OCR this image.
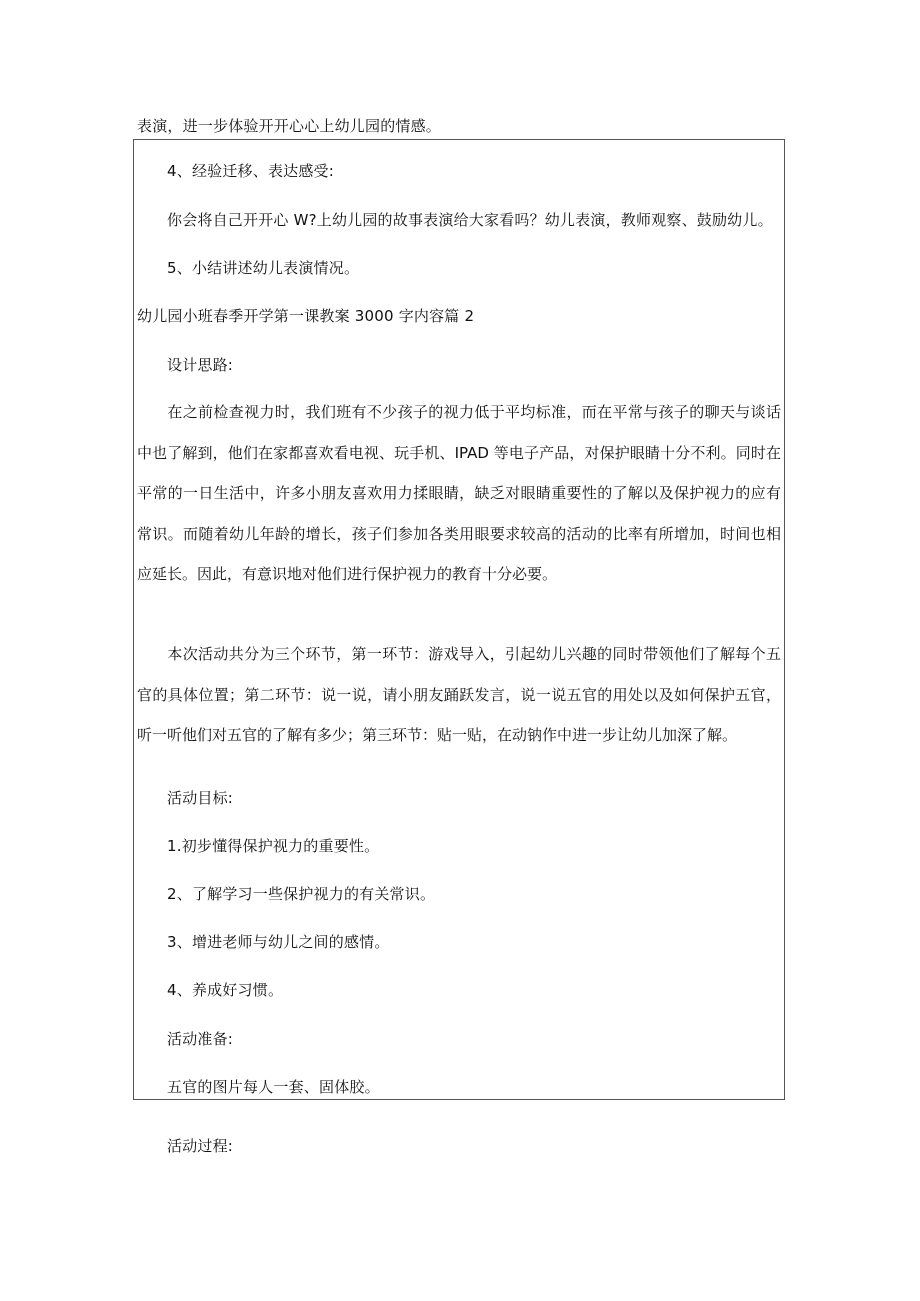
表演，进一步体验开开心心上幼儿园的情感。
4、经验迁移、表达感受:
你会将自己开开心 W?上幼儿园的故事表演给大家看吗？幼儿表演，教师观察、鼓励幼儿。
5、小结讲述幼儿表演情况。
幼儿园小班春季开学第一课教案 3000 字内容篇 2
设计思路:

在之前检查视力时，我们班有不少孩子的视力低于平均标准，而在平常与孩子的聊天与谈话中也了解到，他们在家都喜欢看电视、玩手机、IPAD 等电子产品，对保护眼睛十分不利。同时在平常的一日生活中，许多小朋友喜欢用力揉眼睛，缺乏对眼睛重要性的了解以及保护视力的应有常识。而随着幼儿年龄的增长，孩子们参加各类用眼要求较高的活动的比率有所增加，时间也相应延长。因此，有意识地对他们进行保护视力的教育十分必要。

本次活动共分为三个环节，第一环节：游戏导入，引起幼儿兴趣的同时带领他们了解每个五官的具体位置；第二环节：说一说，请小朋友踊跃发言，说一说五官的用处以及如何保护五官，听一听他们对五官的了解有多少；第三环节：贴一贴，在动钠作中进一步让幼儿加深了解。

活动目标:
1.初步懂得保护视力的重要性。
2、了解学习一些保护视力的有关常识。
3、增进老师与幼儿之间的感情。
4、养成好习惯。
活动准备:
五官的图片每人一套、固体胶。
活动过程:
